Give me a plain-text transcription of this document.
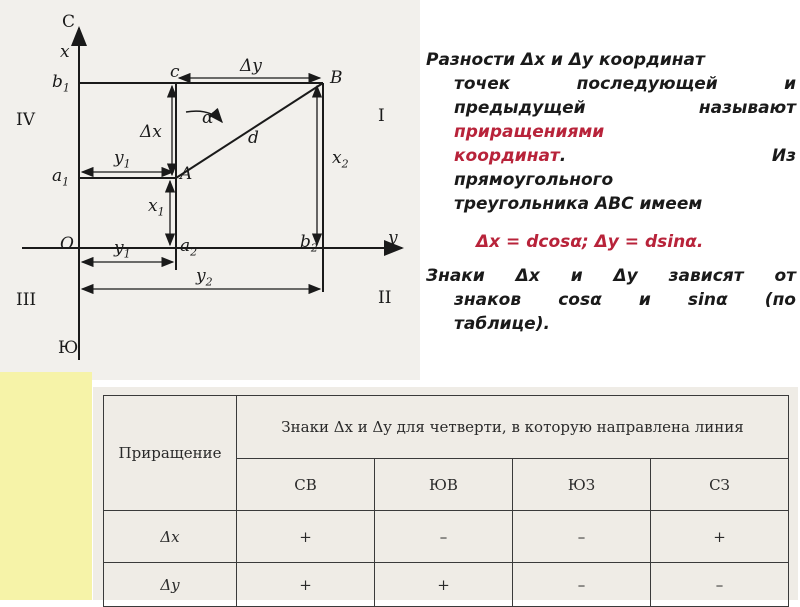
С
x
$b_1$
IV
$a_1$
$y_1$
O $y_1$	$a_2$	$b_2$	y
$y_2$
III	II
I
Ю
c	Δy
B
Δx
α
d
$x_2$
A
$x_1$

Разности Δx и Δy координат
точек последующей и
предыдущей называют
приращениями
координат.	Из

прямоугольного
треугольника АВС имеем

Δx = dcosα; Δy = dsinα.

Знаки Δx и Δy зависят от
знаков cosα и sinα (по
таблице).

Приращение	Знаки Δx и Δy для четверти, в которую направлена линия			
	СВ	ЮВ	ЮЗ	СЗ
Δx	+	–	–	+
Δy	+	+	–	–
